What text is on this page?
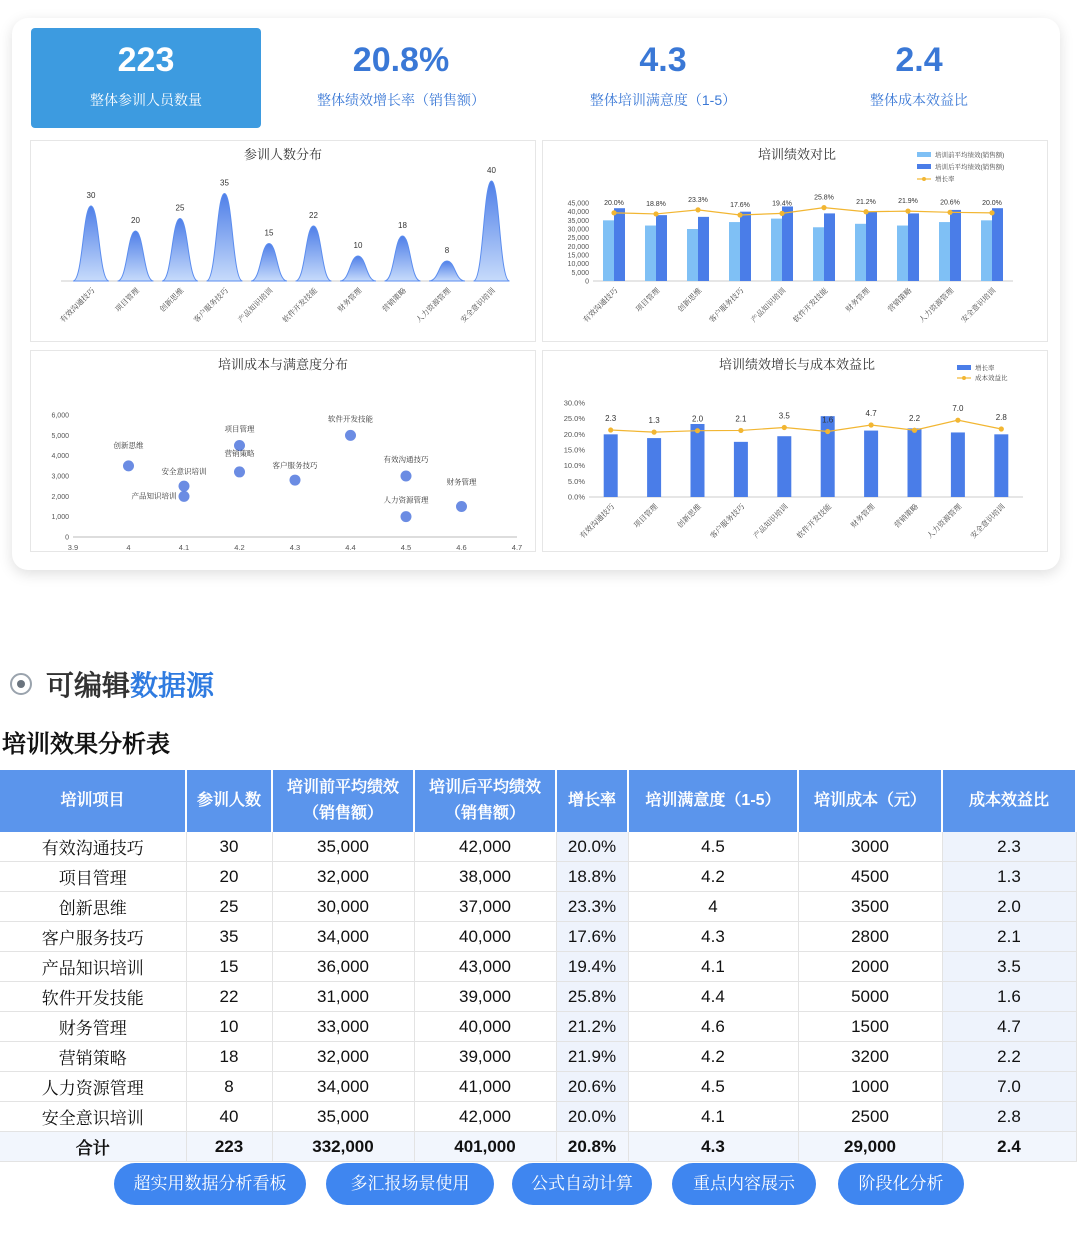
223
整体参训人员数量
20.8%
整体绩效增长率（销售额）
4.3
整体培训满意度（1-5）
2.4
整体成本效益比
参训人数分布
30
20
25
35
15
22
10
18
8
40
有效沟通技巧 项目管理 创新思维 客户服务技巧 产品知识培训 软件开发技能 财务管理 营销策略 人力资源管理 安全意识培训
培训绩效对比
0
5,000
10,000
15,000
20,000
25,000
30,000
35,000
40,000
45,000 20.0%	18.8%
23.3%
17.6%	19.4%
25.8%
21.2%	21.9%	20.6%	20.0%
培训前平均绩效(销售额)
培训后平均绩效(销售额)
增长率
有效沟通技巧 项目管理 创新思维 客户服务技巧 产品知识培训 软件开发技能 财务管理 营销策略 人力资源管理 安全意识培训
培训成本与满意度分布
0
1,000
2,000
3,000
4,000
5,000
6,000
3.9	4	4.1	4.2	4.3	4.4	4.5	4.6	4.7
有效沟通技巧
项目管理
创新思维
客户服务技巧
产品知识培训
软件开发技能
财务管理
营销策略
人力资源管理
安全意识培训
培训绩效增长与成本效益比
0.0%
5.0%
10.0%
15.0%
20.0%
25.0%
30.0%
2.3	1.3	2.0	2.1	3.5	1.6
4.7
2.2
7.0
2.8
增长率
成本效益比
有效沟通技巧 项目管理 创新思维 客户服务技巧 产品知识培训 软件开发技能 财务管理 营销策略 人力资源管理 安全意识培训
可编辑 数据源
培训效果分析表
培训项目	参训人数	培训前平均绩效（销售额）	培训后平均绩效（销售额）	增长率	培训满意度（1-5）	培训成本（元）	成本效益比
有效沟通技巧	30	35,000	42,000	20.0%	4.5	3000	2.3
项目管理	20	32,000	38,000	18.8%	4.2	4500	1.3
创新思维	25	30,000	37,000	23.3%	4	3500	2.0
客户服务技巧	35	34,000	40,000	17.6%	4.3	2800	2.1
产品知识培训	15	36,000	43,000	19.4%	4.1	2000	3.5
软件开发技能	22	31,000	39,000	25.8%	4.4	5000	1.6
财务管理	10	33,000	40,000	21.2%	4.6	1500	4.7
营销策略	18	32,000	39,000	21.9%	4.2	3200	2.2
人力资源管理	8	34,000	41,000	20.6%	4.5	1000	7.0
安全意识培训	40	35,000	42,000	20.0%	4.1	2500	2.8
合计	223	332,000	401,000	20.8%	4.3	29,000	2.4
超实用数据分析看板	多汇报场景使用	公式自动计算	重点内容展示	阶段化分析
